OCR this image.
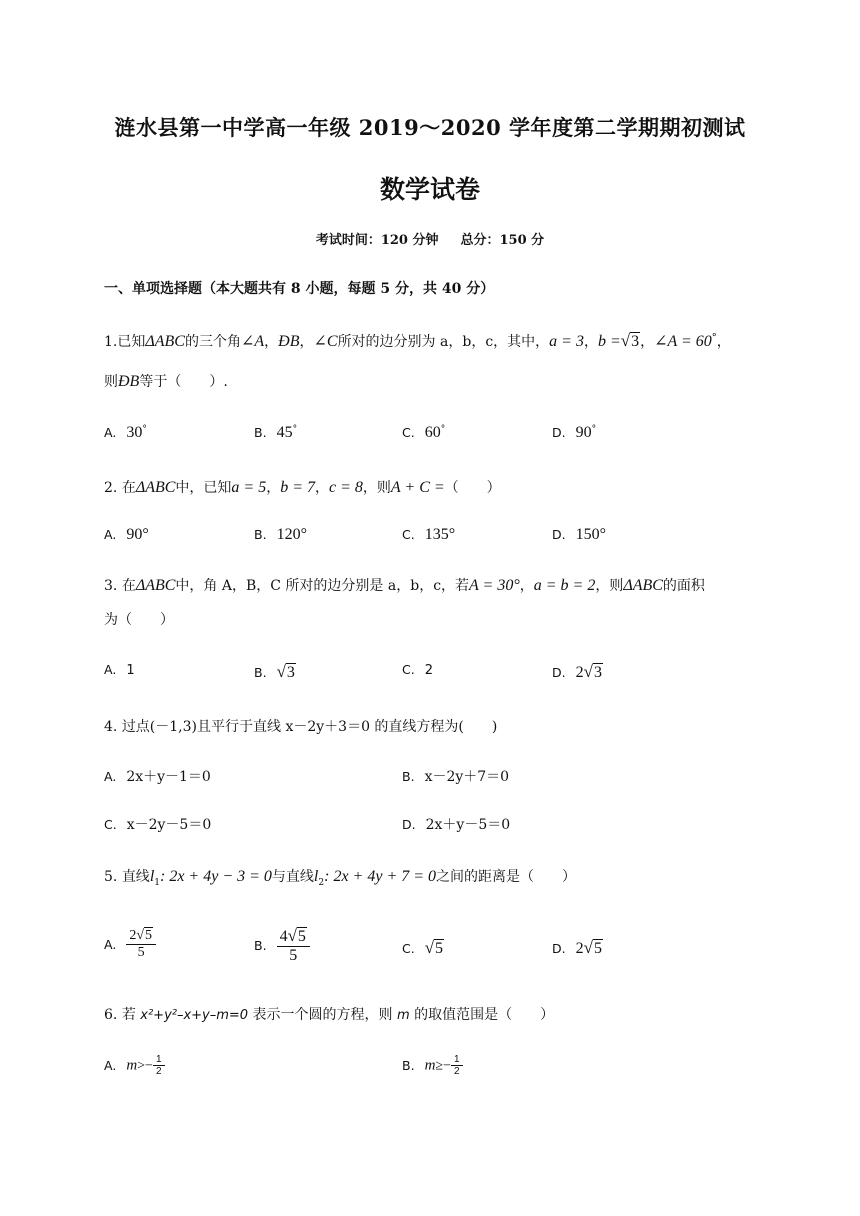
涟水县第一中学高一年级 2019～2020 学年度第二学期期初测试
数学试卷
考试时间：120 分钟 总分：150 分
一、单项选择题（本大题共有 8 小题，每题 5 分，共 40 分）
1.已知ΔABC的三个角∠A，ÐB，∠C所对的边分别为 a，b，c，其中，a = 3，b =√3，∠A = 60°，
则ÐB等于（　　）.
A. 30°	B. 45°	C. 60°	D. 90°
2. 在ΔABC中，已知a = 5，b = 7，c = 8，则A + C =（　　）
A. 90°	B. 120°	C. 135°	D. 150°
3. 在ΔABC中，角 A，B，C 所对的边分别是 a，b，c，若A = 30°，a = b = 2，则ΔABC的面积
为（　　）
A. 1	B. √3	C. 2	D. 2√3
4. 过点(－1,3)且平行于直线 x－2y＋3＝0 的直线方程为(　　)
A. 2x＋y－1＝0	B. x－2y＋7＝0
C. x－2y－5＝0	D. 2x＋y－5＝0
5. 直线$l_1$: 2x + 4y − 3 = 0与直线$l_2$: 2x + 4y + 7 = 0之间的距离是（　　）
A. $\frac{2√5}{5}$	B. $\frac{4√5}{5}$	C. √5	D. 2√5
6. 若 x²+y²–x+y–m=0 表示一个圆的方程，则 m 的取值范围是（　　）
A. $m>- \frac{1}{2}$	B. $m\ge- \frac{1}{2}$
